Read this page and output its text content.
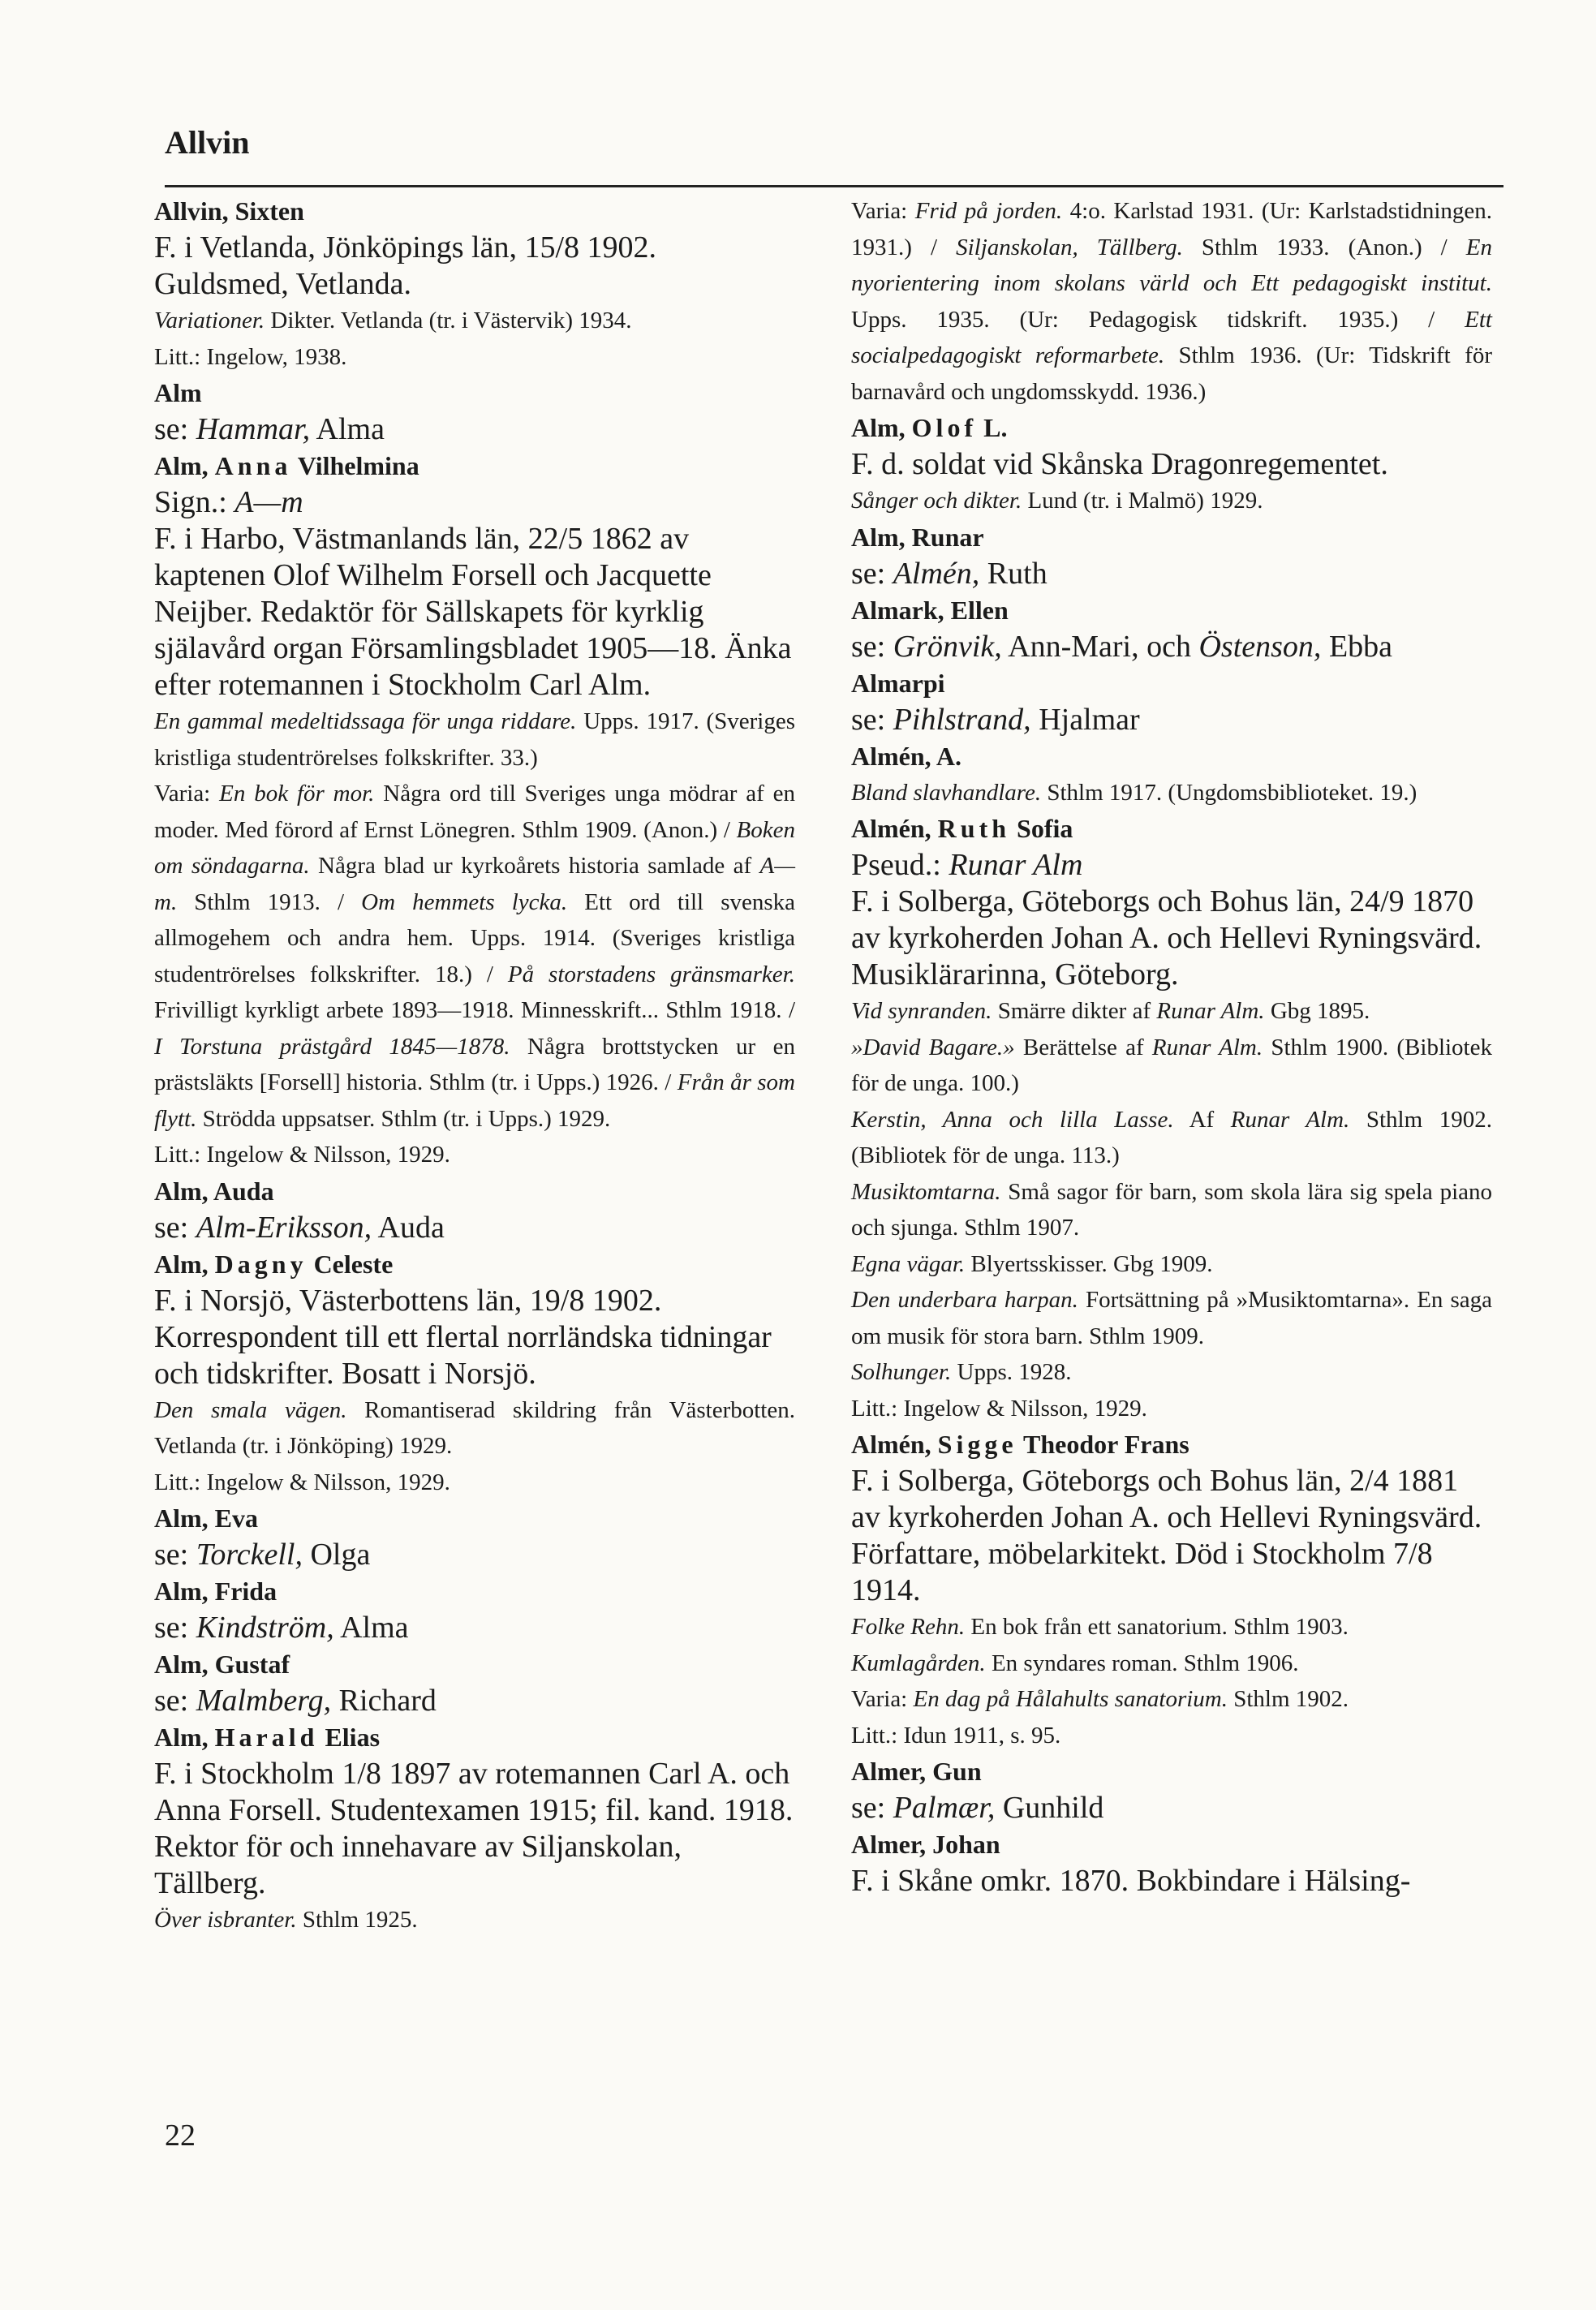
Allvin

Allvin, Sixten

F. i Vetlanda, Jönköpings län, 15/8 1902. Guldsmed, Vetlanda.

Variationer. Dikter. Vetlanda (tr. i Västervik) 1934.

Litt.: Ingelow, 1938.

Alm

se: Hammar, Alma

Alm, Anna Vilhelmina

Sign.: A—m

F. i Harbo, Västmanlands län, 22/5 1862 av kaptenen Olof Wilhelm Forsell och Jacquette Neijber. Redaktör för Sällskapets för kyrklig själavård organ Församlingsbladet 1905—18. Änka efter rotemannen i Stockholm Carl Alm.

En gammal medeltidssaga för unga riddare. Upps. 1917. (Sveriges kristliga studentrörelses folkskrifter. 33.)

Varia: En bok för mor. Några ord till Sveriges unga mödrar af en moder. Med förord af Ernst Lönegren. Sthlm 1909. (Anon.) / Boken om söndagarna. Några blad ur kyrkoårets historia samlade af A—m. Sthlm 1913. / Om hemmets lycka. Ett ord till svenska allmogehem och andra hem. Upps. 1914. (Sveriges kristliga studentrörelses folkskrifter. 18.) / På storstadens gränsmarker. Frivilligt kyrkligt arbete 1893—1918. Minnesskrift... Sthlm 1918. / I Torstuna prästgård 1845—1878. Några brottstycken ur en prästsläkts [Forsell] historia. Sthlm (tr. i Upps.) 1926. / Från år som flytt. Strödda uppsatser. Sthlm (tr. i Upps.) 1929.

Litt.: Ingelow & Nilsson, 1929.

Alm, Auda

se: Alm-Eriksson, Auda

Alm, Dagny Celeste

F. i Norsjö, Västerbottens län, 19/8 1902. Korrespondent till ett flertal norrländska tidningar och tidskrifter. Bosatt i Norsjö.

Den smala vägen. Romantiserad skildring från Västerbotten. Vetlanda (tr. i Jönköping) 1929.

Litt.: Ingelow & Nilsson, 1929.

Alm, Eva

se: Torckell, Olga

Alm, Frida

se: Kindström, Alma

Alm, Gustaf

se: Malmberg, Richard

Alm, Harald Elias

F. i Stockholm 1/8 1897 av rotemannen Carl A. och Anna Forsell. Studentexamen 1915; fil. kand. 1918. Rektor för och innehavare av Siljanskolan, Tällberg.

Över isbranter. Sthlm 1925.

Varia: Frid på jorden. 4:o. Karlstad 1931. (Ur: Karlstadstidningen. 1931.) / Siljanskolan, Tällberg. Sthlm 1933. (Anon.) / En nyorientering inom skolans värld och Ett pedagogiskt institut. Upps. 1935. (Ur: Pedagogisk tidskrift. 1935.) / Ett socialpedagogiskt reformarbete. Sthlm 1936. (Ur: Tidskrift för barnavård och ungdomsskydd. 1936.)

Alm, Olof L.

F. d. soldat vid Skånska Dragonregementet.

Sånger och dikter. Lund (tr. i Malmö) 1929.

Alm, Runar

se: Almén, Ruth

Almark, Ellen

se: Grönvik, Ann-Mari, och Östenson, Ebba

Almarpi

se: Pihlstrand, Hjalmar

Almén, A.

Bland slavhandlare. Sthlm 1917. (Ungdomsbiblioteket. 19.)

Almén, Ruth Sofia

Pseud.: Runar Alm

F. i Solberga, Göteborgs och Bohus län, 24/9 1870 av kyrkoherden Johan A. och Hellevi Ryningsvärd. Musiklärarinna, Göteborg.

Vid synranden. Smärre dikter af Runar Alm. Gbg 1895.

»David Bagare.» Berättelse af Runar Alm. Sthlm 1900. (Bibliotek för de unga. 100.)

Kerstin, Anna och lilla Lasse. Af Runar Alm. Sthlm 1902. (Bibliotek för de unga. 113.)

Musiktomtarna. Små sagor för barn, som skola lära sig spela piano och sjunga. Sthlm 1907.

Egna vägar. Blyertsskisser. Gbg 1909.

Den underbara harpan. Fortsättning på »Musiktomtarna». En saga om musik för stora barn. Sthlm 1909.

Solhunger. Upps. 1928.

Litt.: Ingelow & Nilsson, 1929.

Almén, Sigge Theodor Frans

F. i Solberga, Göteborgs och Bohus län, 2/4 1881 av kyrkoherden Johan A. och Hellevi Ryningsvärd. Författare, möbelarkitekt. Död i Stockholm 7/8 1914.

Folke Rehn. En bok från ett sanatorium. Sthlm 1903.

Kumlagården. En syndares roman. Sthlm 1906.

Varia: En dag på Hålahults sanatorium. Sthlm 1902.

Litt.: Idun 1911, s. 95.

Almer, Gun

se: Palmær, Gunhild

Almer, Johan

F. i Skåne omkr. 1870. Bokbindare i Hälsing-

22
